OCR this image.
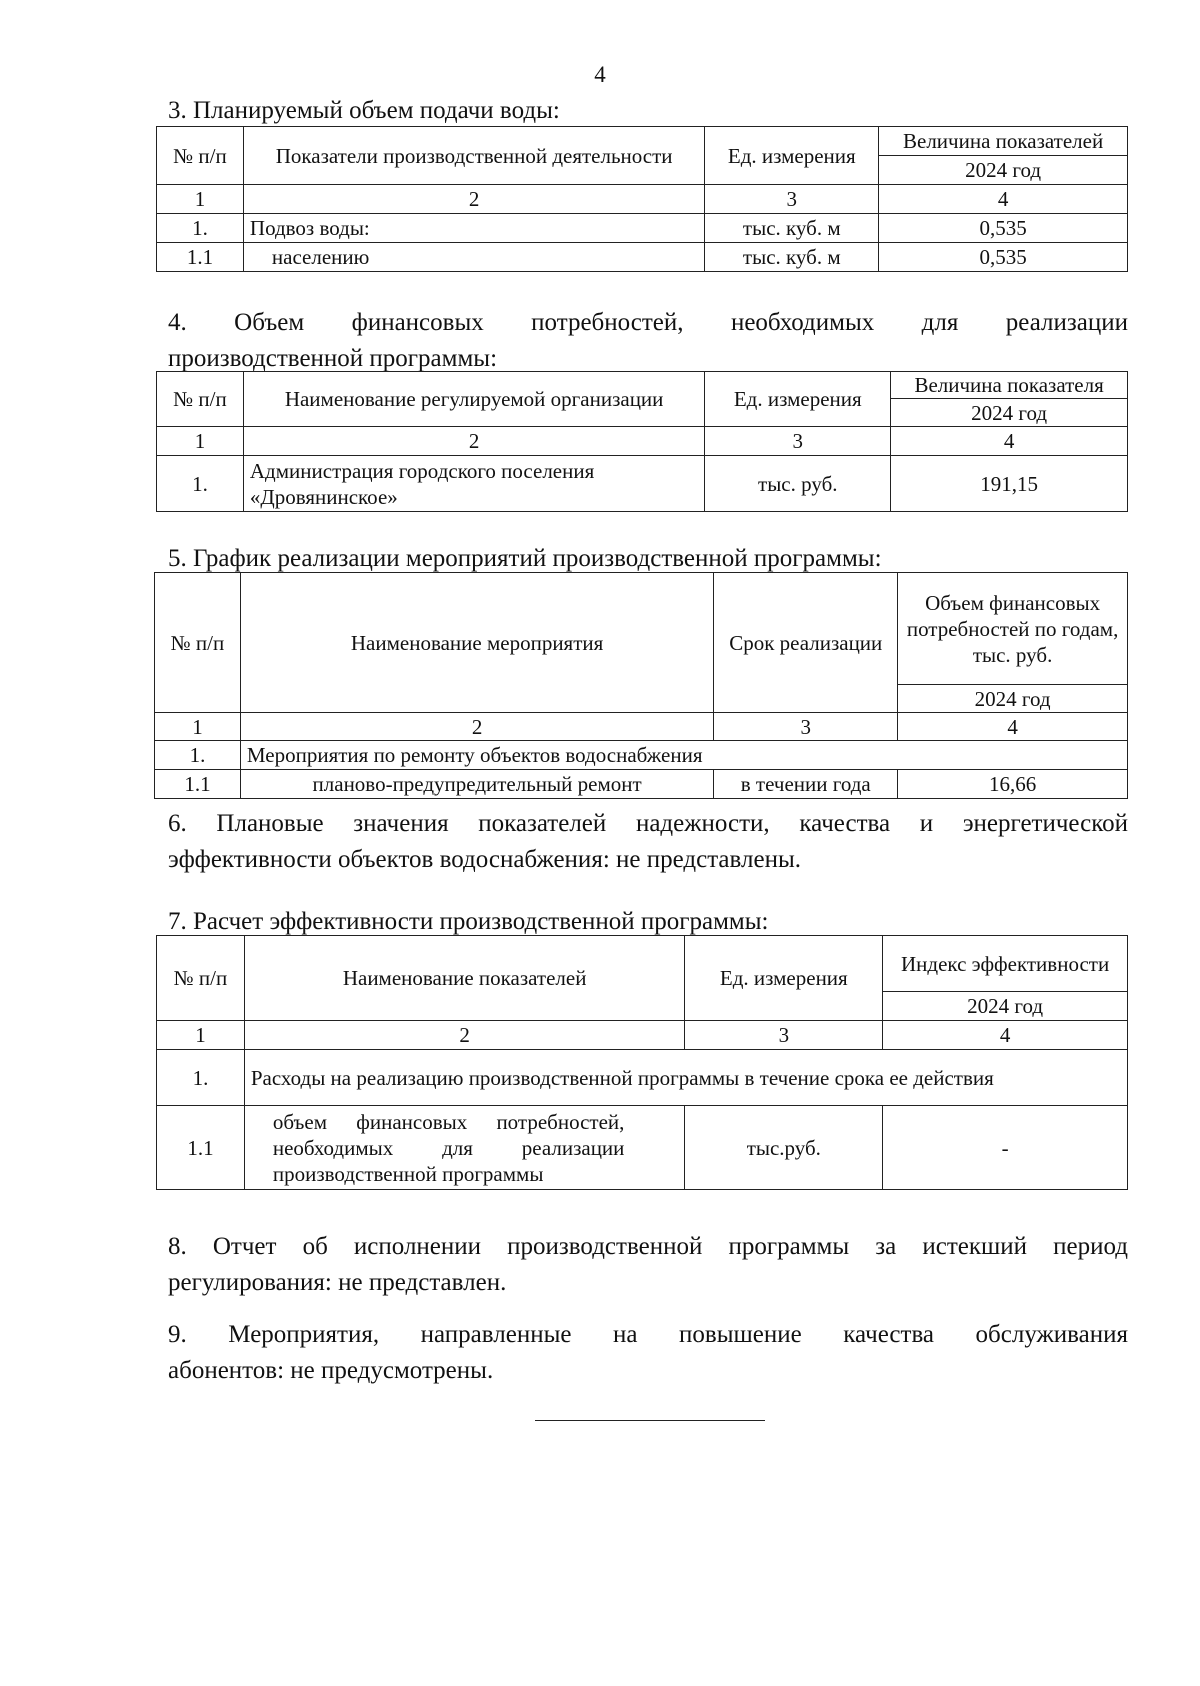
4
3. Планируемый объем подачи воды:
№ п/п	Показатели производственной деятельности	Ед. измерения	Величина показателей
			2024 год
1	2	3	4
1.	Подвоз воды:	тыс. куб. м	0,535
1.1	населению	тыс. куб. м	0,535
4. Объем финансовых потребностей, необходимых для реализации
производственной программы:
№ п/п	Наименование регулируемой организации	Ед. измерения	Величина показателя
			2024 год
1	2	3	4
1.	Администрация городского поселения «Дровянинское»	тыс. руб.	191,15
5. График реализации мероприятий производственной программы:
№ п/п	Наименование мероприятия	Срок реализации	Объем финансовых потребностей по годам, тыс. руб.
			2024 год
1	2	3	4
1.	Мероприятия по ремонту объектов водоснабжения		
1.1	планово-предупредительный ремонт	в течении года	16,66
6. Плановые значения показателей надежности, качества и энергетической
эффективности объектов водоснабжения: не представлены.
7. Расчет эффективности производственной программы:
№ п/п	Наименование показателей	Ед. измерения	Индекс эффективности
			2024 год
1	2	3	4
1.	Расходы на реализацию производственной программы в течение срока ее действия		
1.1	объем финансовых потребностей, необходимых для реализации производственной программы	тыс.руб.	-
8. Отчет об исполнении производственной программы за истекший период
регулирования: не представлен.
9. Мероприятия, направленные на повышение качества обслуживания
абонентов: не предусмотрены.
